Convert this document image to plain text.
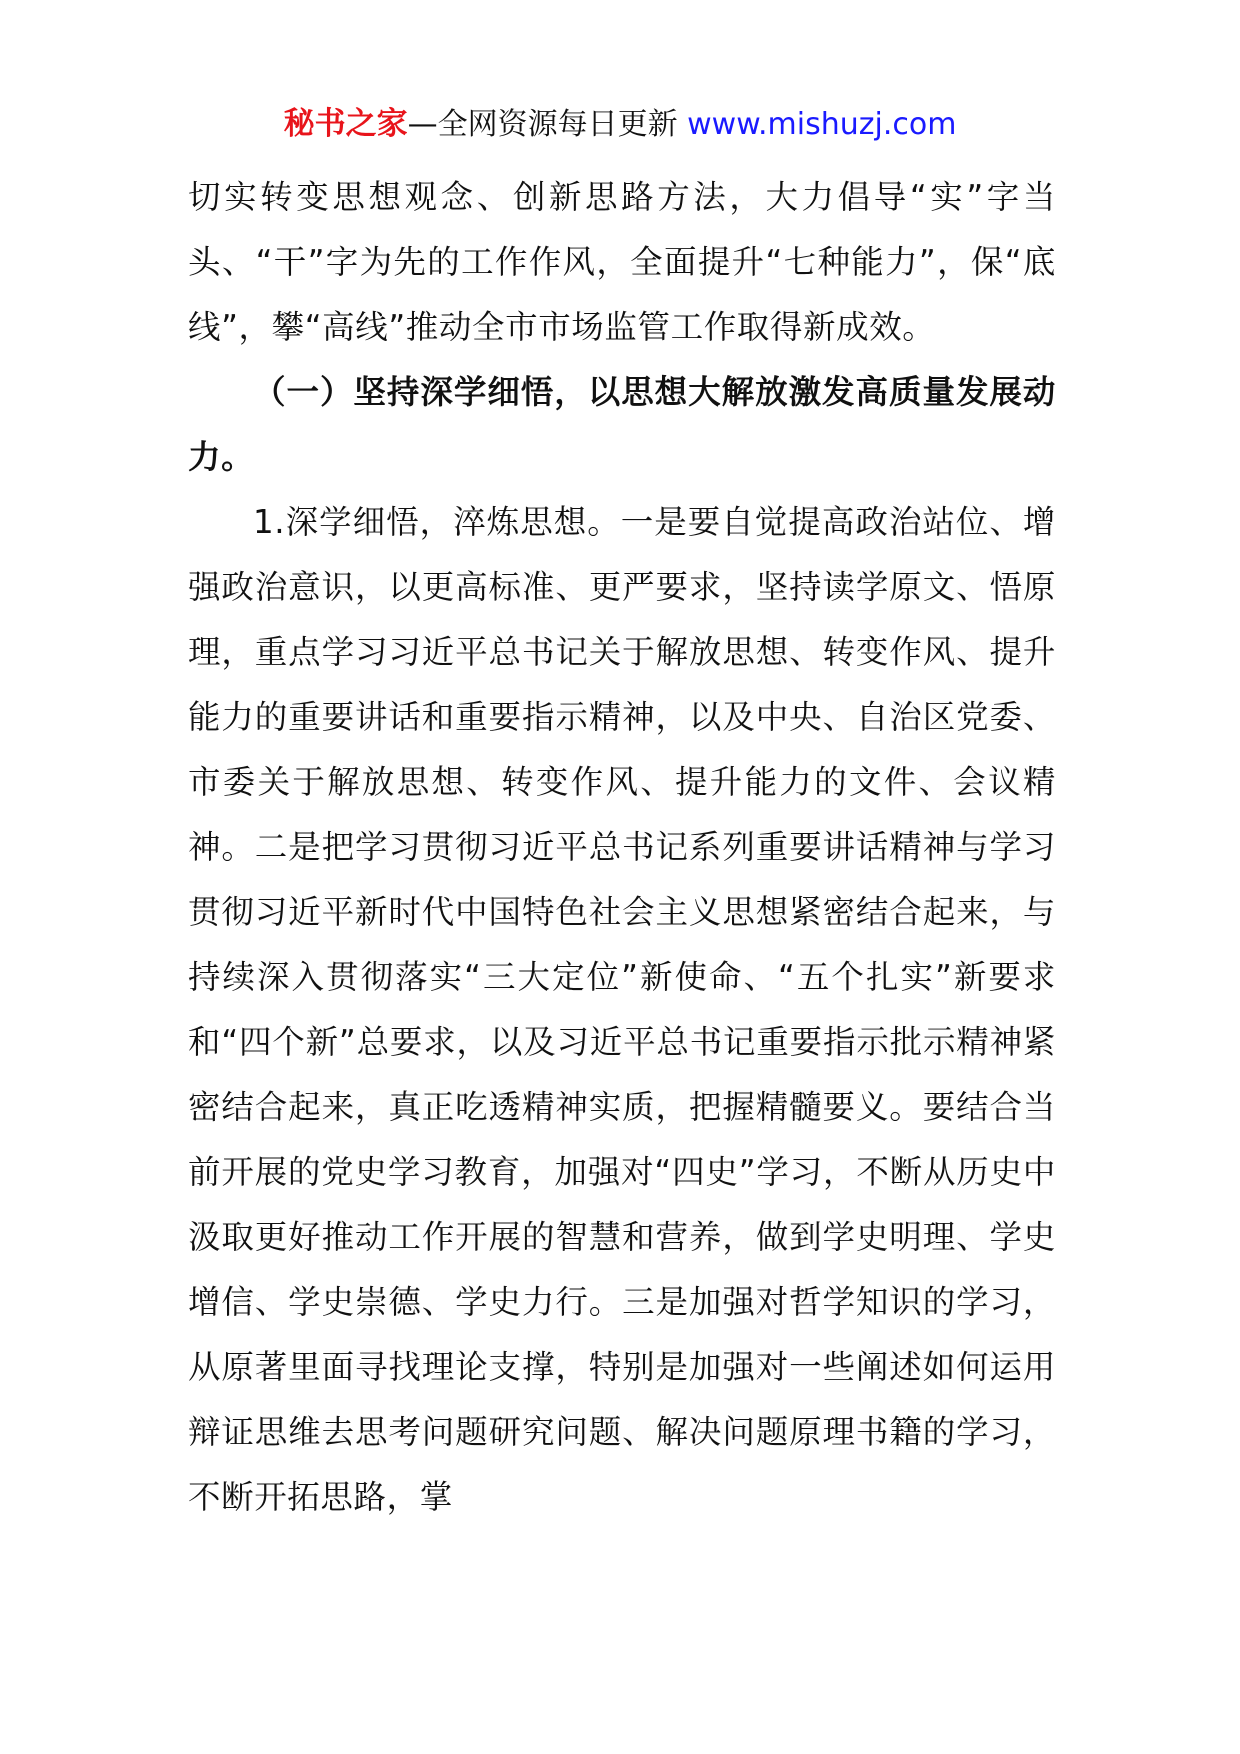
秘书之家—全网资源每日更新 www.mishuzj.com

切实转变思想观念、创新思路方法，大力倡导“实”字当头、“干”字为先的工作作风，全面提升“七种能力”，保“底线”，攀“高线”推动全市市场监管工作取得新成效。

（一）坚持深学细悟，以思想大解放激发高质量发展动力。

1.深学细悟，淬炼思想。一是要自觉提高政治站位、增强政治意识，以更高标准、更严要求，坚持读学原文、悟原理，重点学习习近平总书记关于解放思想、转变作风、提升能力的重要讲话和重要指示精神，以及中央、自治区党委、市委关于解放思想、转变作风、提升能力的文件、会议精神。二是把学习贯彻习近平总书记系列重要讲话精神与学习贯彻习近平新时代中国特色社会主义思想紧密结合起来，与持续深入贯彻落实“三大定位”新使命、“五个扎实”新要求和“四个新”总要求，以及习近平总书记重要指示批示精神紧密结合起来，真正吃透精神实质，把握精髓要义。要结合当前开展的党史学习教育，加强对“四史”学习，不断从历史中汲取更好推动工作开展的智慧和营养，做到学史明理、学史增信、学史崇德、学史力行。三是加强对哲学知识的学习，从原著里面寻找理论支撑，特别是加强对一些阐述如何运用辩证思维去思考问题研究问题、解决问题原理书籍的学习，不断开拓思路，掌
